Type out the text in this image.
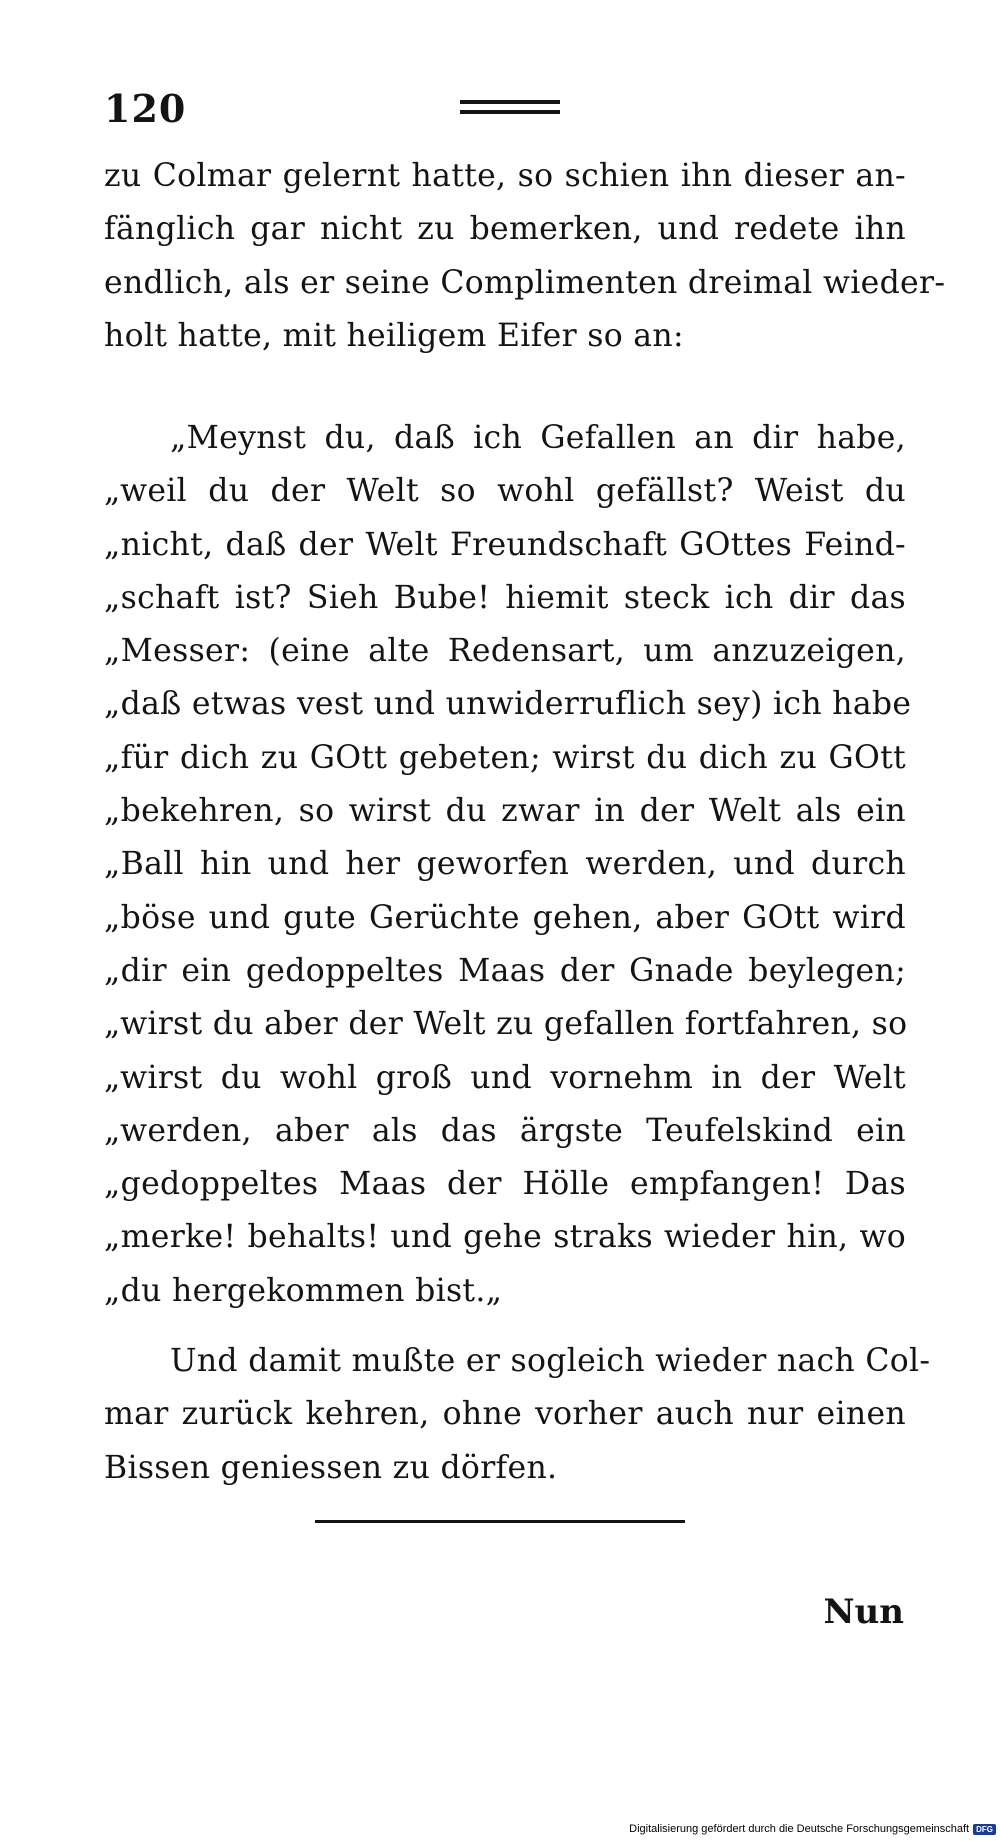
120
zu Colmar gelernt hatte, so schien ihn dieser an-
fänglich gar nicht zu bemerken, und redete ihn
endlich, als er seine Complimenten dreimal wieder-
holt hatte, mit heiligem Eifer so an:
„Meynst du, daß ich Gefallen an dir habe,
„weil du der Welt so wohl gefällst? Weist du
„nicht, daß der Welt Freundschaft GOttes Feind-
„schaft ist? Sieh Bube! hiemit steck ich dir das
„Messer: (eine alte Redensart, um anzuzeigen,
„daß etwas vest und unwiderruflich sey) ich habe
„für dich zu GOtt gebeten; wirst du dich zu GOtt
„bekehren, so wirst du zwar in der Welt als ein
„Ball hin und her geworfen werden, und durch
„böse und gute Gerüchte gehen, aber GOtt wird
„dir ein gedoppeltes Maas der Gnade beylegen;
„wirst du aber der Welt zu gefallen fortfahren, so
„wirst du wohl groß und vornehm in der Welt
„werden, aber als das ärgste Teufelskind ein
„gedoppeltes Maas der Hölle empfangen! Das
„merke! behalts! und gehe straks wieder hin, wo
„du hergekommen bist.„
Und damit mußte er sogleich wieder nach Col-
mar zurück kehren, ohne vorher auch nur einen
Bissen geniessen zu dörfen.
Nun
Digitalisierung gefördert durch die Deutsche Forschungsgemeinschaft DFG
